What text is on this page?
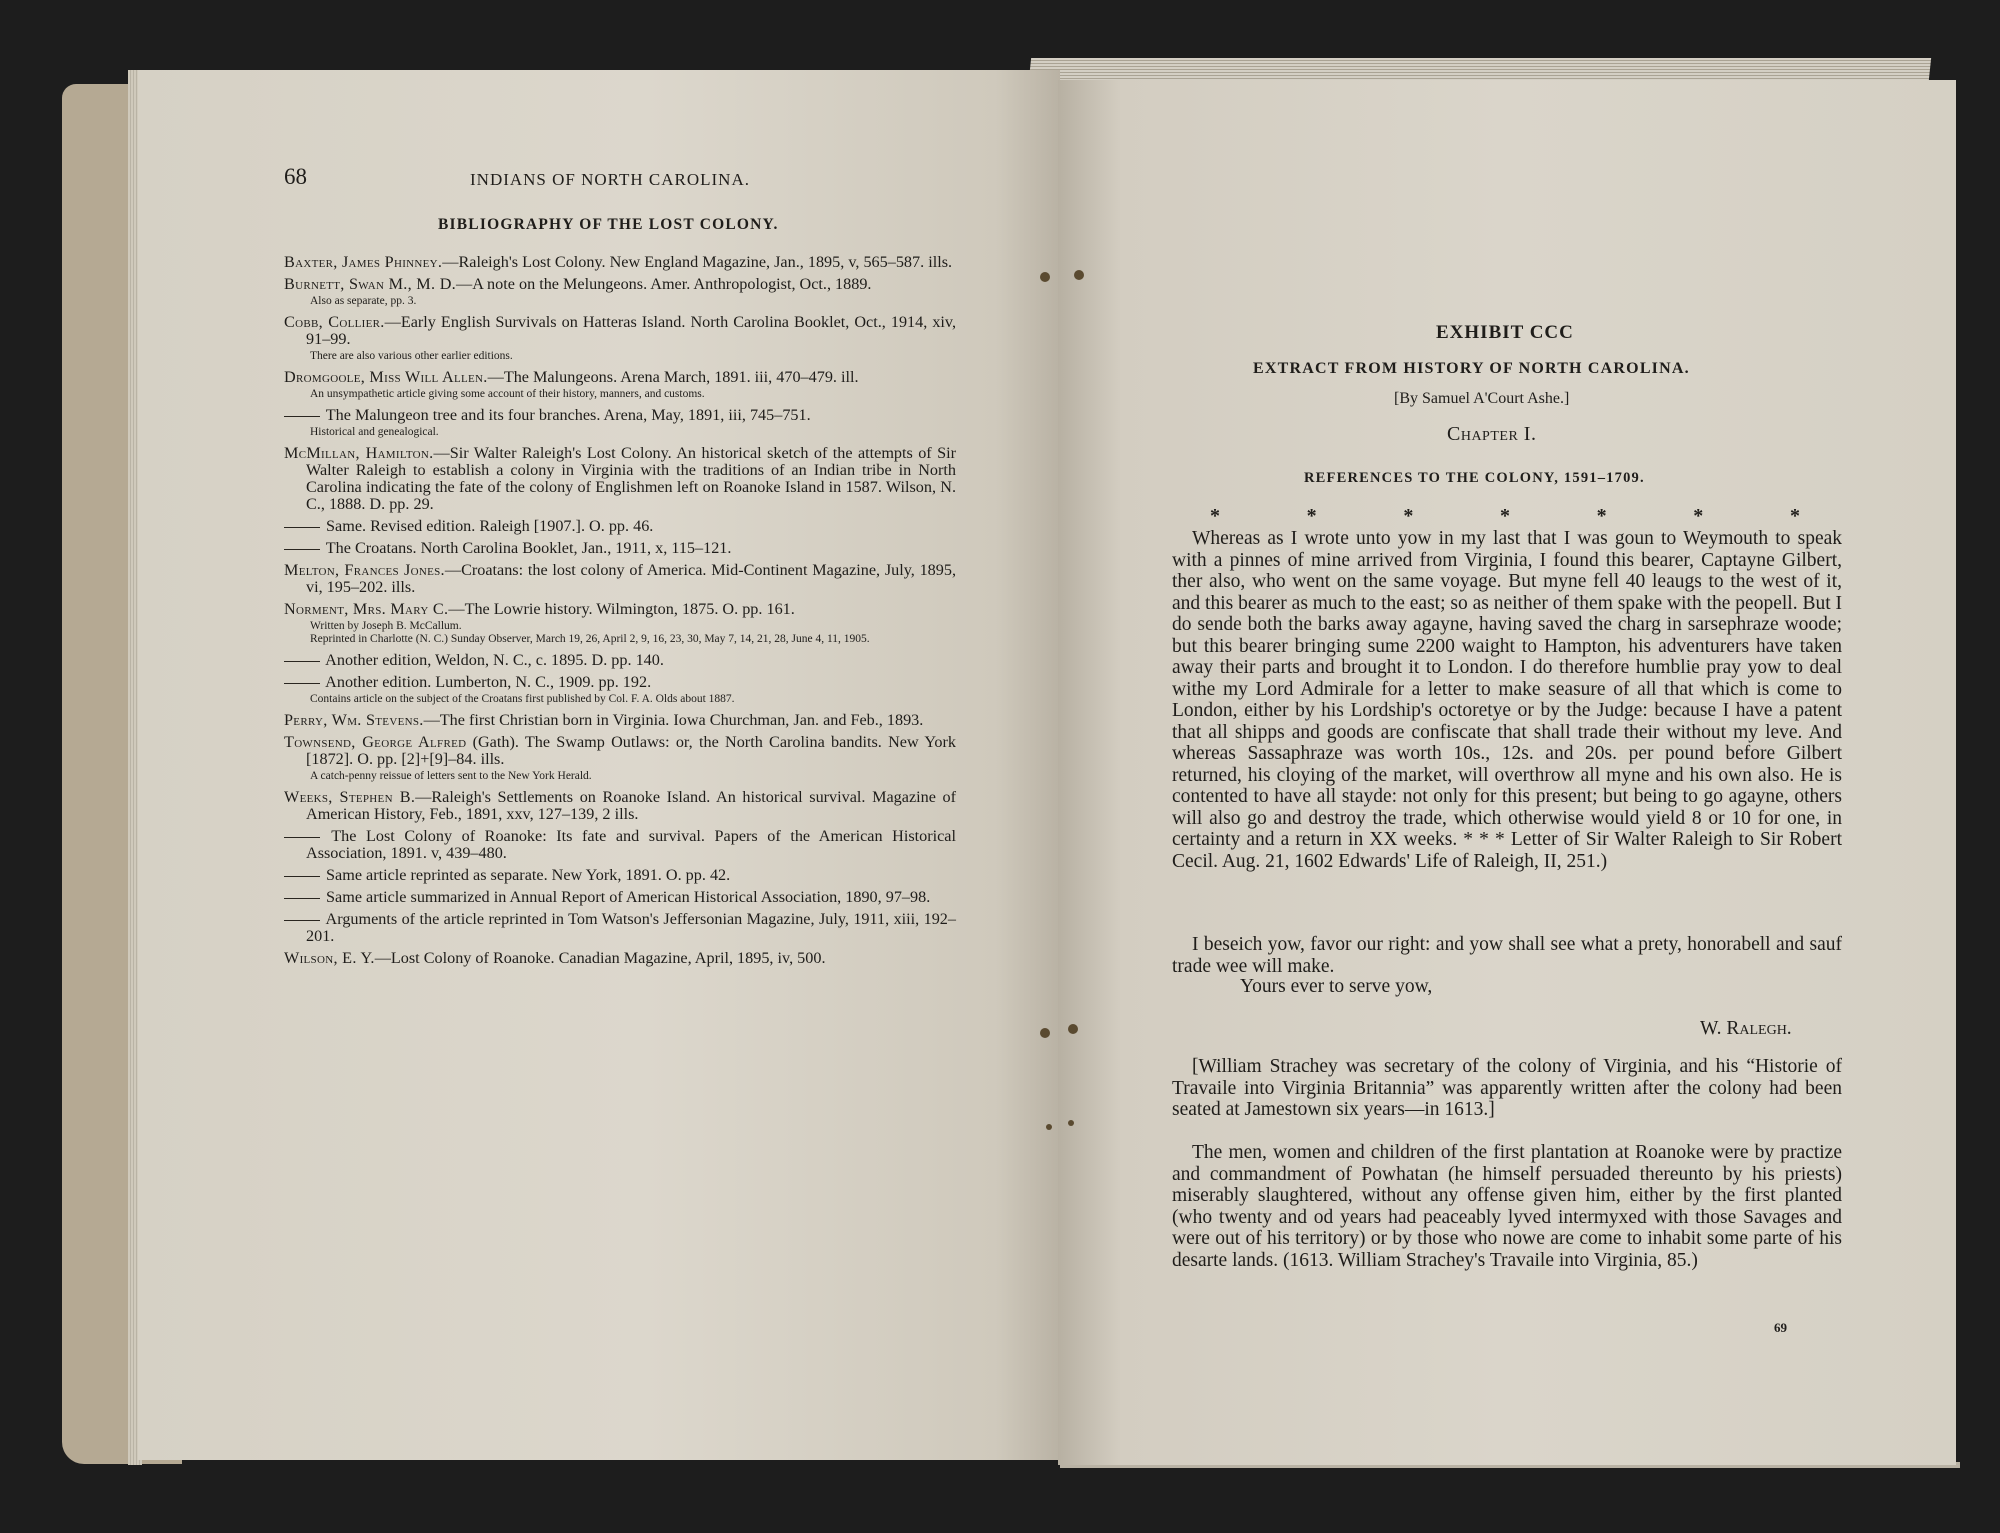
68	INDIANS OF NORTH CAROLINA.
BIBLIOGRAPHY OF THE LOST COLONY.
Baxter, James Phinney.—Raleigh's Lost Colony. New England Magazine, Jan., 1895, v, 565–587. ills.
Burnett, Swan M., M. D.—A note on the Melungeons. Amer. Anthropologist, Oct., 1889.
Also as separate, pp. 3.
Cobb, Collier.—Early English Survivals on Hatteras Island. North Carolina Booklet, Oct., 1914, xiv, 91–99.
There are also various other earlier editions.
Dromgoole, Miss Will Allen.—The Malungeons. Arena March, 1891. iii, 470–479. ill.
An unsympathetic article giving some account of their history, manners, and customs.
The Malungeon tree and its four branches. Arena, May, 1891, iii, 745–751.
Historical and genealogical.
McMillan, Hamilton.—Sir Walter Raleigh's Lost Colony. An historical sketch of the attempts of Sir Walter Raleigh to establish a colony in Virginia with the traditions of an Indian tribe in North Carolina indicating the fate of the colony of Englishmen left on Roanoke Island in 1587. Wilson, N. C., 1888. D. pp. 29.
Same. Revised edition. Raleigh [1907.]. O. pp. 46.
The Croatans. North Carolina Booklet, Jan., 1911, x, 115–121.
Melton, Frances Jones.—Croatans: the lost colony of America. Mid-Continent Magazine, July, 1895, vi, 195–202. ills.
Norment, Mrs. Mary C.—The Lowrie history. Wilmington, 1875. O. pp. 161.
Written by Joseph B. McCallum.
Reprinted in Charlotte (N. C.) Sunday Observer, March 19, 26, April 2, 9, 16, 23, 30, May 7, 14, 21, 28, June 4, 11, 1905.
Another edition, Weldon, N. C., c. 1895. D. pp. 140.
Another edition. Lumberton, N. C., 1909. pp. 192.
Contains article on the subject of the Croatans first published by Col. F. A. Olds about 1887.
Perry, Wm. Stevens.—The first Christian born in Virginia. Iowa Churchman, Jan. and Feb., 1893.
Townsend, George Alfred (Gath). The Swamp Outlaws: or, the North Carolina bandits. New York [1872]. O. pp. [2]+[9]–84. ills.
A catch-penny reissue of letters sent to the New York Herald.
Weeks, Stephen B.—Raleigh's Settlements on Roanoke Island. An historical survival. Magazine of American History, Feb., 1891, xxv, 127–139, 2 ills.
The Lost Colony of Roanoke: Its fate and survival. Papers of the American Historical Association, 1891. v, 439–480.
Same article reprinted as separate. New York, 1891. O. pp. 42.
Same article summarized in Annual Report of American Historical Association, 1890, 97–98.
Arguments of the article reprinted in Tom Watson's Jeffersonian Magazine, July, 1911, xiii, 192–201.
Wilson, E. Y.—Lost Colony of Roanoke. Canadian Magazine, April, 1895, iv, 500.
EXHIBIT CCC
EXTRACT FROM HISTORY OF NORTH CAROLINA.
[By Samuel A'Court Ashe.]
Chapter I.
REFERENCES TO THE COLONY, 1591–1709.
*	*	*	*	*	*	*
Whereas as I wrote unto yow in my last that I was goun to Weymouth to speak with a pinnes of mine arrived from Virginia, I found this bearer, Captayne Gilbert, ther also, who went on the same voyage. But myne fell 40 leaugs to the west of it, and this bearer as much to the east; so as neither of them spake with the peopell. But I do sende both the barks away agayne, having saved the charg in sarsephraze woode; but this bearer bringing sume 2200 waight to Hampton, his adventurers have taken away their parts and brought it to London. I do therefore humblie pray yow to deal withe my Lord Admirale for a letter to make seasure of all that which is come to London, either by his Lordship's octoretye or by the Judge: because I have a patent that all shipps and goods are confiscate that shall trade their without my leve. And whereas Sassaphraze was worth 10s., 12s. and 20s. per pound before Gilbert returned, his cloying of the market, will overthrow all myne and his own also. He is contented to have all stayde: not only for this present; but being to go agayne, others will also go and destroy the trade, which otherwise would yield 8 or 10 for one, in certainty and a return in XX weeks. * * * Letter of Sir Walter Raleigh to Sir Robert Cecil. Aug. 21, 1602 Edwards' Life of Raleigh, II, 251.)
I beseich yow, favor our right: and yow shall see what a prety, honorabell and sauf trade wee will make.
Yours ever to serve yow,
W. Ralegh.
[William Strachey was secretary of the colony of Virginia, and his “Historie of Travaile into Virginia Britannia” was apparently written after the colony had been seated at Jamestown six years—in 1613.]
The men, women and children of the first plantation at Roanoke were by practize and commandment of Powhatan (he himself persuaded thereunto by his priests) miserably slaughtered, without any offense given him, either by the first planted (who twenty and od years had peaceably lyved intermyxed with those Savages and were out of his territory) or by those who nowe are come to inhabit some parte of his desarte lands. (1613. William Strachey's Travaile into Virginia, 85.)
69
